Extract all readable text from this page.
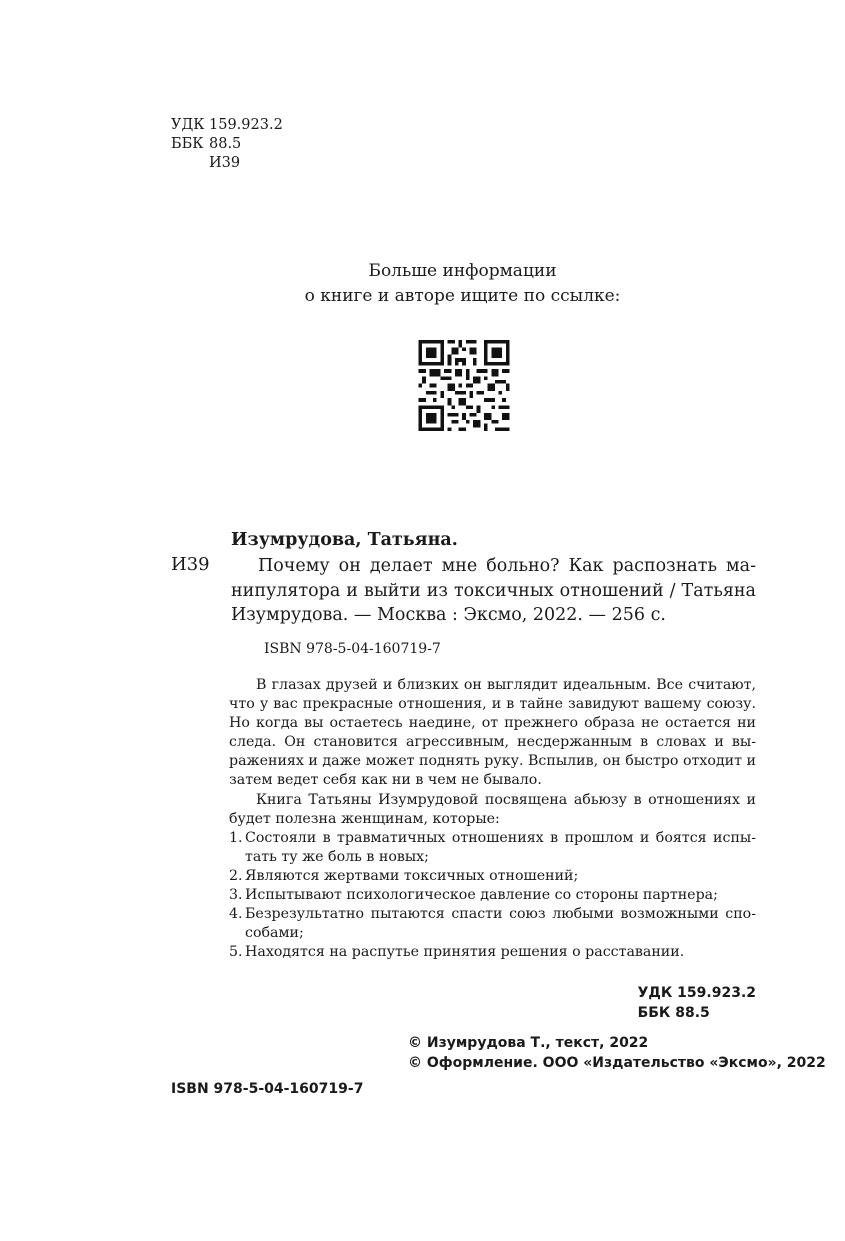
УДК 159.923.2
ББК 88.5
И39
Больше информации
о книге и авторе ищите по ссылке:
Изумрудова, Татьяна.
И39	Почему он делает мне больно? Как распознать манипулятора и выйти из токсичных отношений / Татьяна Изумрудова. — Москва : Эксмо, 2022. — 256 с.
ISBN 978-5-04-160719-7

В глазах друзей и близких он выглядит идеальным. Все считают, что у вас прекрасные отношения, и в тайне завидуют вашему союзу. Но когда вы остаетесь наедине, от прежнего образа не остается ни следа. Он становится агрессивным, несдержанным в словах и выражениях и даже может поднять руку. Вспылив, он быстро отходит и затем ведет себя как ни в чем не бывало.

Книга Татьяны Изумрудовой посвящена абьюзу в отношениях и будет полезна женщинам, которые:

1. Состояли в травматичных отношениях в прошлом и боятся испытать ту же боль в новых;
2. Являются жертвами токсичных отношений;
3. Испытывают психологическое давление со стороны партнера;
4. Безрезультатно пытаются спасти союз любыми возможными способами;
5. Находятся на распутье принятия решения о расставании.
УДК 159.923.2
ББК 88.5
© Изумрудова Т., текст, 2022
© Оформление. ООО «Издательство «Эксмо», 2022
ISBN 978-5-04-160719-7
